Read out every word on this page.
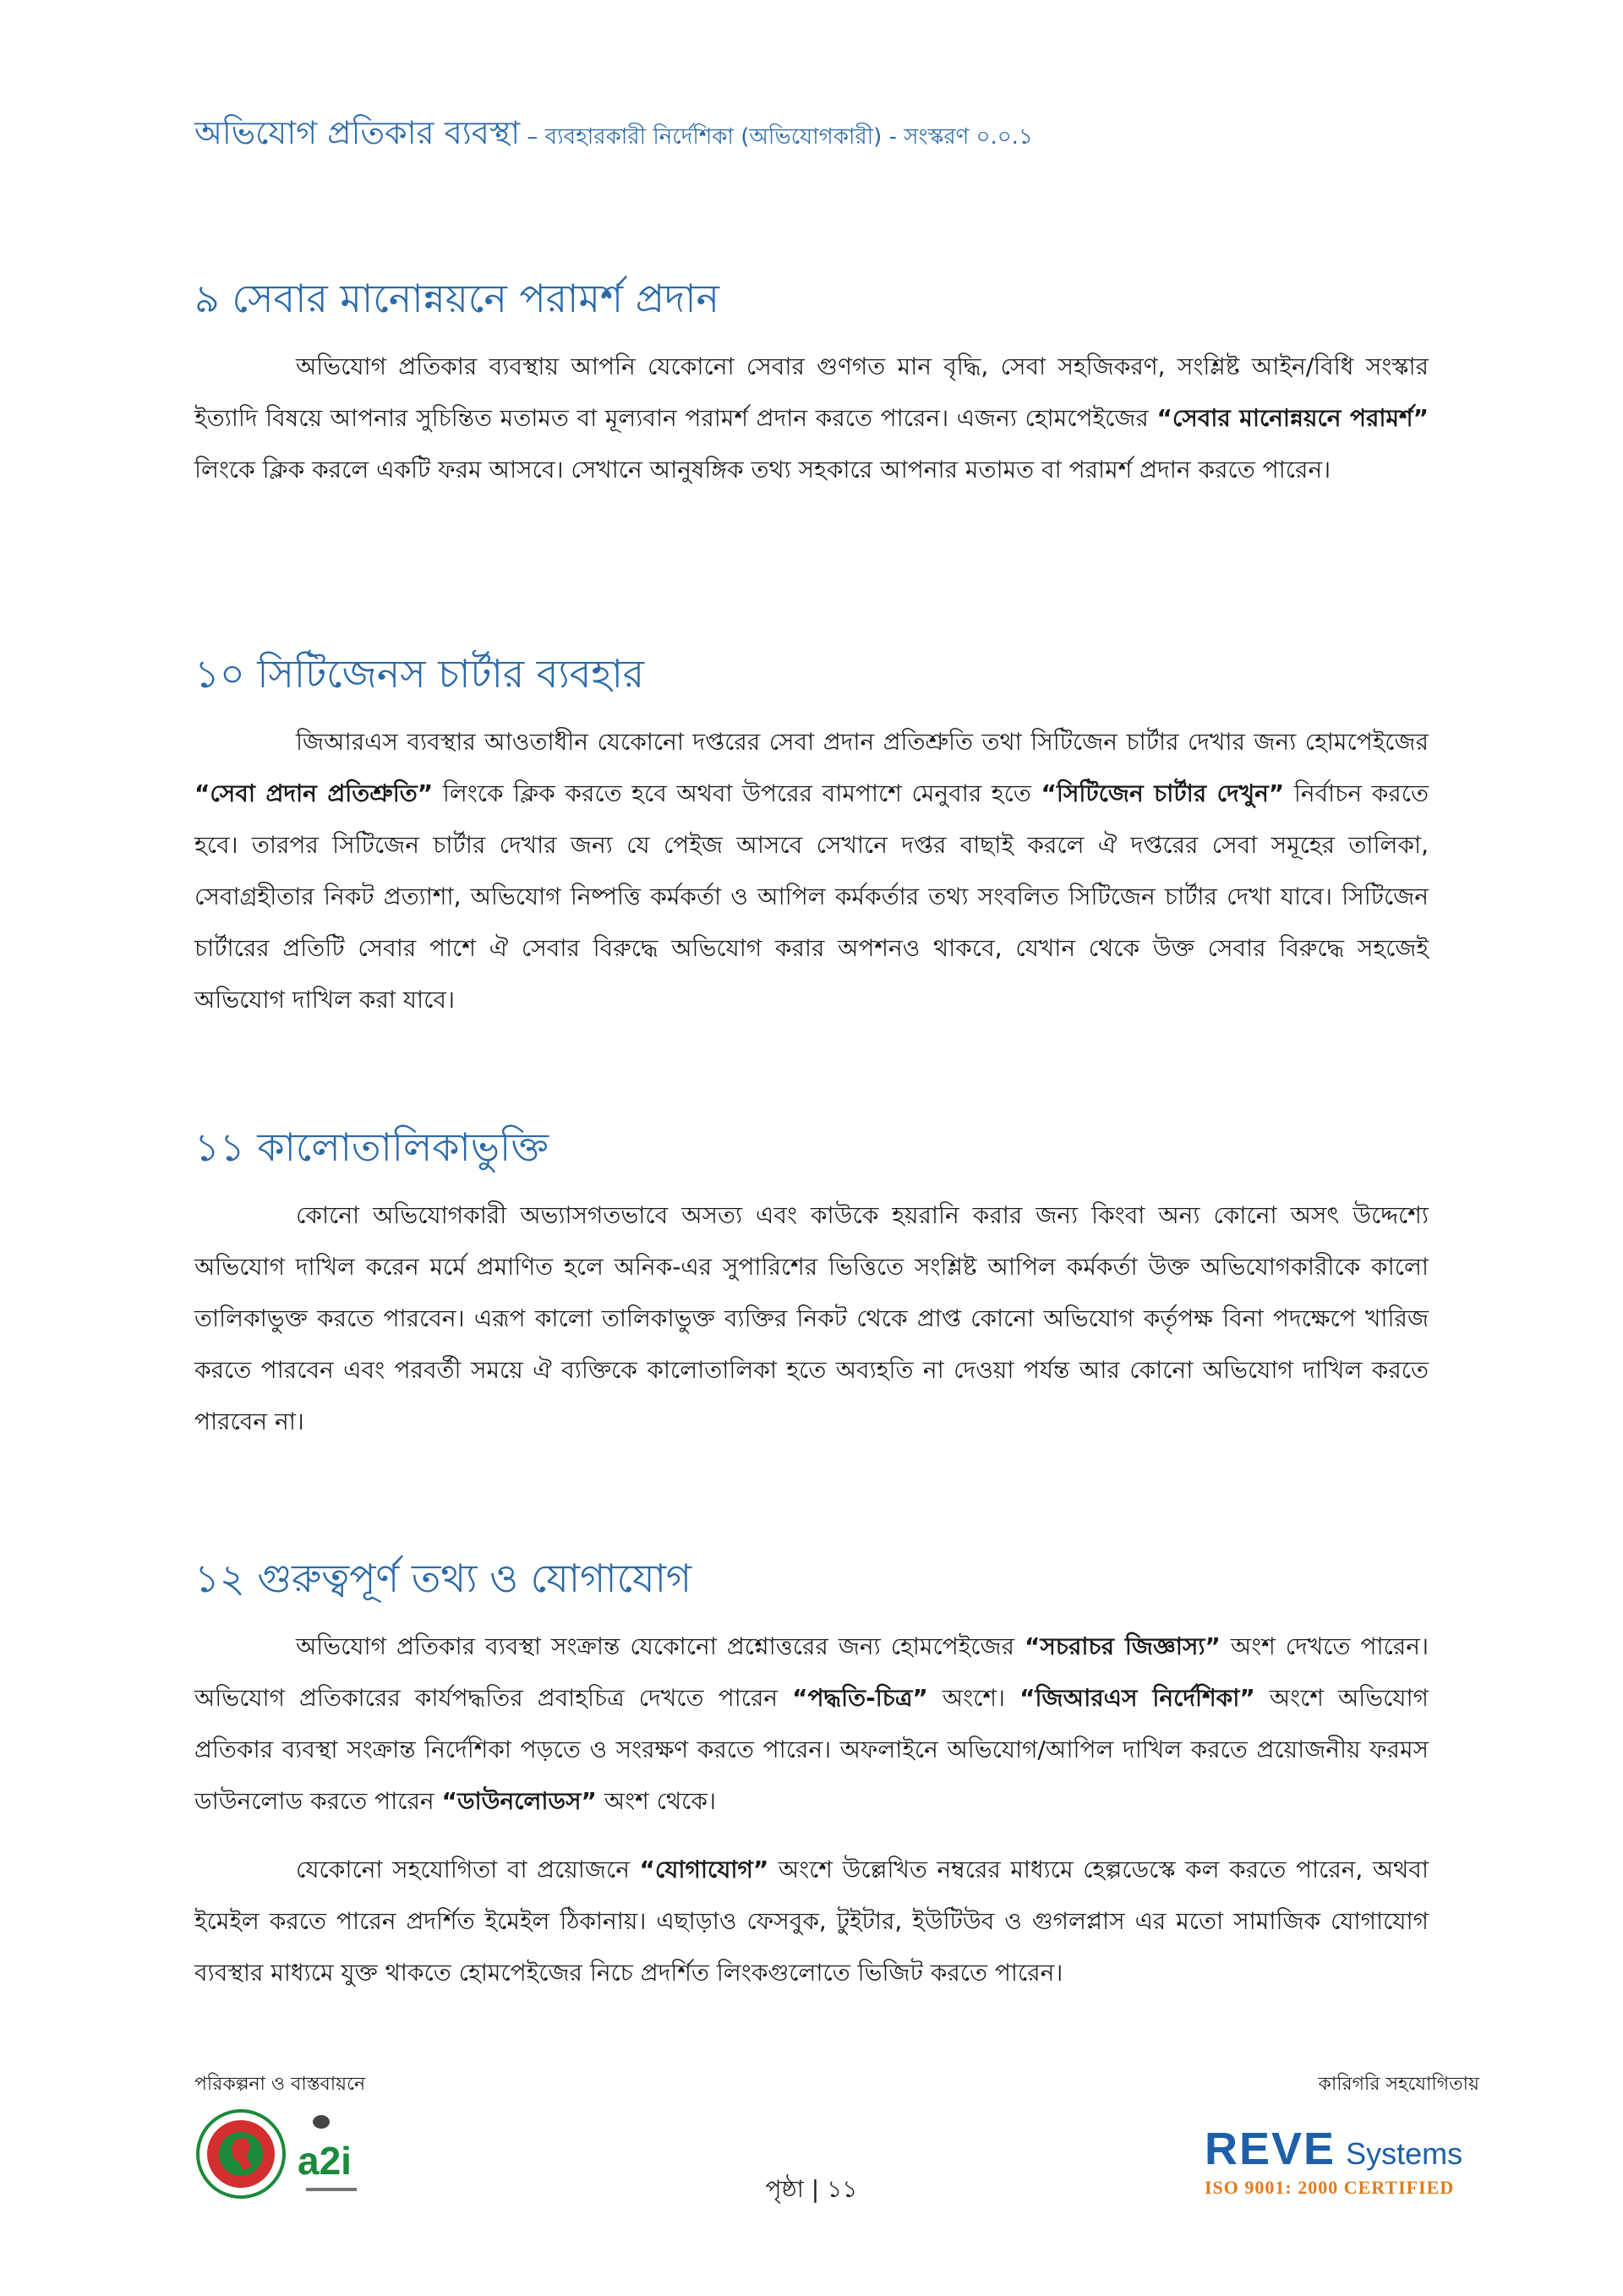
অভিযোগ প্রতিকার ব্যবস্থা – ব্যবহারকারী নির্দেশিকা (অভিযোগকারী) - সংস্করণ ০.০.১
৯ সেবার মানোন্নয়নে পরামর্শ প্রদান

অভিযোগ প্রতিকার ব্যবস্থায় আপনি যেকোনো সেবার গুণগত মান বৃদ্ধি, সেবা সহজিকরণ, সংশ্লিষ্ট আইন/বিধি সংস্কার ইত্যাদি বিষয়ে আপনার সুচিন্তিত মতামত বা মূল্যবান পরামর্শ প্রদান করতে পারেন। এজন্য হোমপেইজের “সেবার মানোন্নয়নে পরামর্শ” লিংকে ক্লিক করলে একটি ফরম আসবে। সেখানে আনুষঙ্গিক তথ্য সহকারে আপনার মতামত বা পরামর্শ প্রদান করতে পারেন।

১০ সিটিজেনস চার্টার ব্যবহার

জিআরএস ব্যবস্থার আওতাধীন যেকোনো দপ্তরের সেবা প্রদান প্রতিশ্রুতি তথা সিটিজেন চার্টার দেখার জন্য হোমপেইজের “সেবা প্রদান প্রতিশ্রুতি” লিংকে ক্লিক করতে হবে অথবা উপরের বামপাশে মেনুবার হতে “সিটিজেন চার্টার দেখুন” নির্বাচন করতে হবে। তারপর সিটিজেন চার্টার দেখার জন্য যে পেইজ আসবে সেখানে দপ্তর বাছাই করলে ঐ দপ্তরের সেবা সমূহের তালিকা, সেবাগ্রহীতার নিকট প্রত্যাশা, অভিযোগ নিষ্পত্তি কর্মকর্তা ও আপিল কর্মকর্তার তথ্য সংবলিত সিটিজেন চার্টার দেখা যাবে। সিটিজেন চার্টারের প্রতিটি সেবার পাশে ঐ সেবার বিরুদ্ধে অভিযোগ করার অপশনও থাকবে, যেখান থেকে উক্ত সেবার বিরুদ্ধে সহজেই অভিযোগ দাখিল করা যাবে।

১১ কালোতালিকাভুক্তি

কোনো অভিযোগকারী অভ্যাসগতভাবে অসত্য এবং কাউকে হয়রানি করার জন্য কিংবা অন্য কোনো অসৎ উদ্দেশ্যে অভিযোগ দাখিল করেন মর্মে প্রমাণিত হলে অনিক-এর সুপারিশের ভিত্তিতে সংশ্লিষ্ট আপিল কর্মকর্তা উক্ত অভিযোগকারীকে কালো তালিকাভুক্ত করতে পারবেন। এরূপ কালো তালিকাভুক্ত ব্যক্তির নিকট থেকে প্রাপ্ত কোনো অভিযোগ কর্তৃপক্ষ বিনা পদক্ষেপে খারিজ করতে পারবেন এবং পরবর্তী সময়ে ঐ ব্যক্তিকে কালোতালিকা হতে অব্যহতি না দেওয়া পর্যন্ত আর কোনো অভিযোগ দাখিল করতে পারবেন না।

১২ গুরুত্বপূর্ণ তথ্য ও যোগাযোগ

অভিযোগ প্রতিকার ব্যবস্থা সংক্রান্ত যেকোনো প্রশ্নোত্তরের জন্য হোমপেইজের “সচরাচর জিজ্ঞাস্য” অংশ দেখতে পারেন। অভিযোগ প্রতিকারের কার্যপদ্ধতির প্রবাহচিত্র দেখতে পারেন “পদ্ধতি-চিত্র” অংশে। “জিআরএস নির্দেশিকা” অংশে অভিযোগ প্রতিকার ব্যবস্থা সংক্রান্ত নির্দেশিকা পড়তে ও সংরক্ষণ করতে পারেন। অফলাইনে অভিযোগ/আপিল দাখিল করতে প্রয়োজনীয় ফরমস ডাউনলোড করতে পারেন “ডাউনলোডস” অংশ থেকে।

যেকোনো সহযোগিতা বা প্রয়োজনে “যোগাযোগ” অংশে উল্লেখিত নম্বরের মাধ্যমে হেল্পডেস্কে কল করতে পারেন, অথবা ইমেইল করতে পারেন প্রদর্শিত ইমেইল ঠিকানায়। এছাড়াও ফেসবুক, টুইটার, ইউটিউব ও গুগলপ্লাস এর মতো সামাজিক যোগাযোগ ব্যবস্থার মাধ্যমে যুক্ত থাকতে হোমপেইজের নিচে প্রদর্শিত লিংকগুলোতে ভিজিট করতে পারেন।

পরিকল্পনা ও বাস্তবায়নে	কারিগরি সহযোগিতায়
a2i
পৃষ্ঠা | ১১
REVE Systems
ISO 9001: 2000 CERTIFIED
